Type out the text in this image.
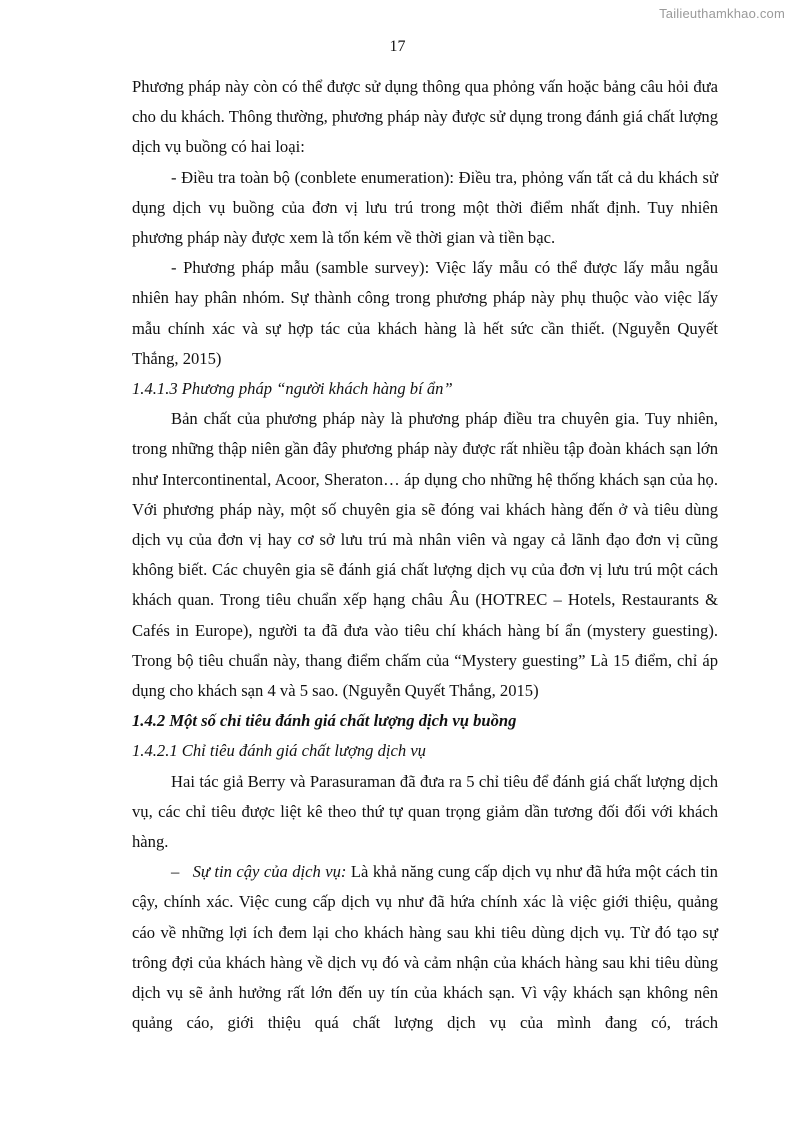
Tailieuthamkhao.com
17

Phương pháp này còn có thể được sử dụng thông qua phỏng vấn hoặc bảng câu hỏi đưa cho du khách. Thông thường, phương pháp này được sử dụng trong đánh giá chất lượng dịch vụ buồng có hai loại:

- Điều tra toàn bộ (conblete enumeration): Điều tra, phỏng vấn tất cả du khách sử dụng dịch vụ buồng của đơn vị lưu trú trong một thời điểm nhất định. Tuy nhiên phương pháp này được xem là tốn kém về thời gian và tiền bạc.

- Phương pháp mẫu (samble survey): Việc lấy mẫu có thể được lấy mẫu ngẫu nhiên hay phân nhóm. Sự thành công trong phương pháp này phụ thuộc vào việc lấy mẫu chính xác và sự hợp tác của khách hàng là hết sức cần thiết. (Nguyễn Quyết Thắng, 2015)

1.4.1.3 Phương pháp “người khách hàng bí ẩn”

Bản chất của phương pháp này là phương pháp điều tra chuyên gia. Tuy nhiên, trong những thập niên gần đây phương pháp này được rất nhiều tập đoàn khách sạn lớn như Intercontinental, Acoor, Sheraton… áp dụng cho những hệ thống khách sạn của họ. Với phương pháp này, một số chuyên gia sẽ đóng vai khách hàng đến ở và tiêu dùng dịch vụ của đơn vị hay cơ sở lưu trú mà nhân viên và ngay cả lãnh đạo đơn vị cũng không biết. Các chuyên gia sẽ đánh giá chất lượng dịch vụ của đơn vị lưu trú một cách khách quan. Trong tiêu chuẩn xếp hạng châu Âu (HOTREC – Hotels, Restaurants & Cafés in Europe), người ta đã đưa vào tiêu chí khách hàng bí ẩn (mystery guesting). Trong bộ tiêu chuẩn này, thang điểm chấm của “Mystery guesting” Là 15 điểm, chỉ áp dụng cho khách sạn 4 và 5 sao. (Nguyễn Quyết Thắng, 2015)

1.4.2 Một số chỉ tiêu đánh giá chất lượng dịch vụ buồng

1.4.2.1 Chỉ tiêu đánh giá chất lượng dịch vụ

Hai tác giả Berry và Parasuraman đã đưa ra 5 chỉ tiêu để đánh giá chất lượng dịch vụ, các chỉ tiêu được liệt kê theo thứ tự quan trọng giảm dần tương đối đối với khách hàng.

– Sự tin cậy của dịch vụ: Là khả năng cung cấp dịch vụ như đã hứa một cách tin cậy, chính xác. Việc cung cấp dịch vụ như đã hứa chính xác là việc giới thiệu, quảng cáo về những lợi ích đem lại cho khách hàng sau khi tiêu dùng dịch vụ. Từ đó tạo sự trông đợi của khách hàng về dịch vụ đó và cảm nhận của khách hàng sau khi tiêu dùng dịch vụ sẽ ảnh hưởng rất lớn đến uy tín của khách sạn. Vì vậy khách sạn không nên quảng cáo, giới thiệu quá chất lượng dịch vụ của mình đang có, trách
